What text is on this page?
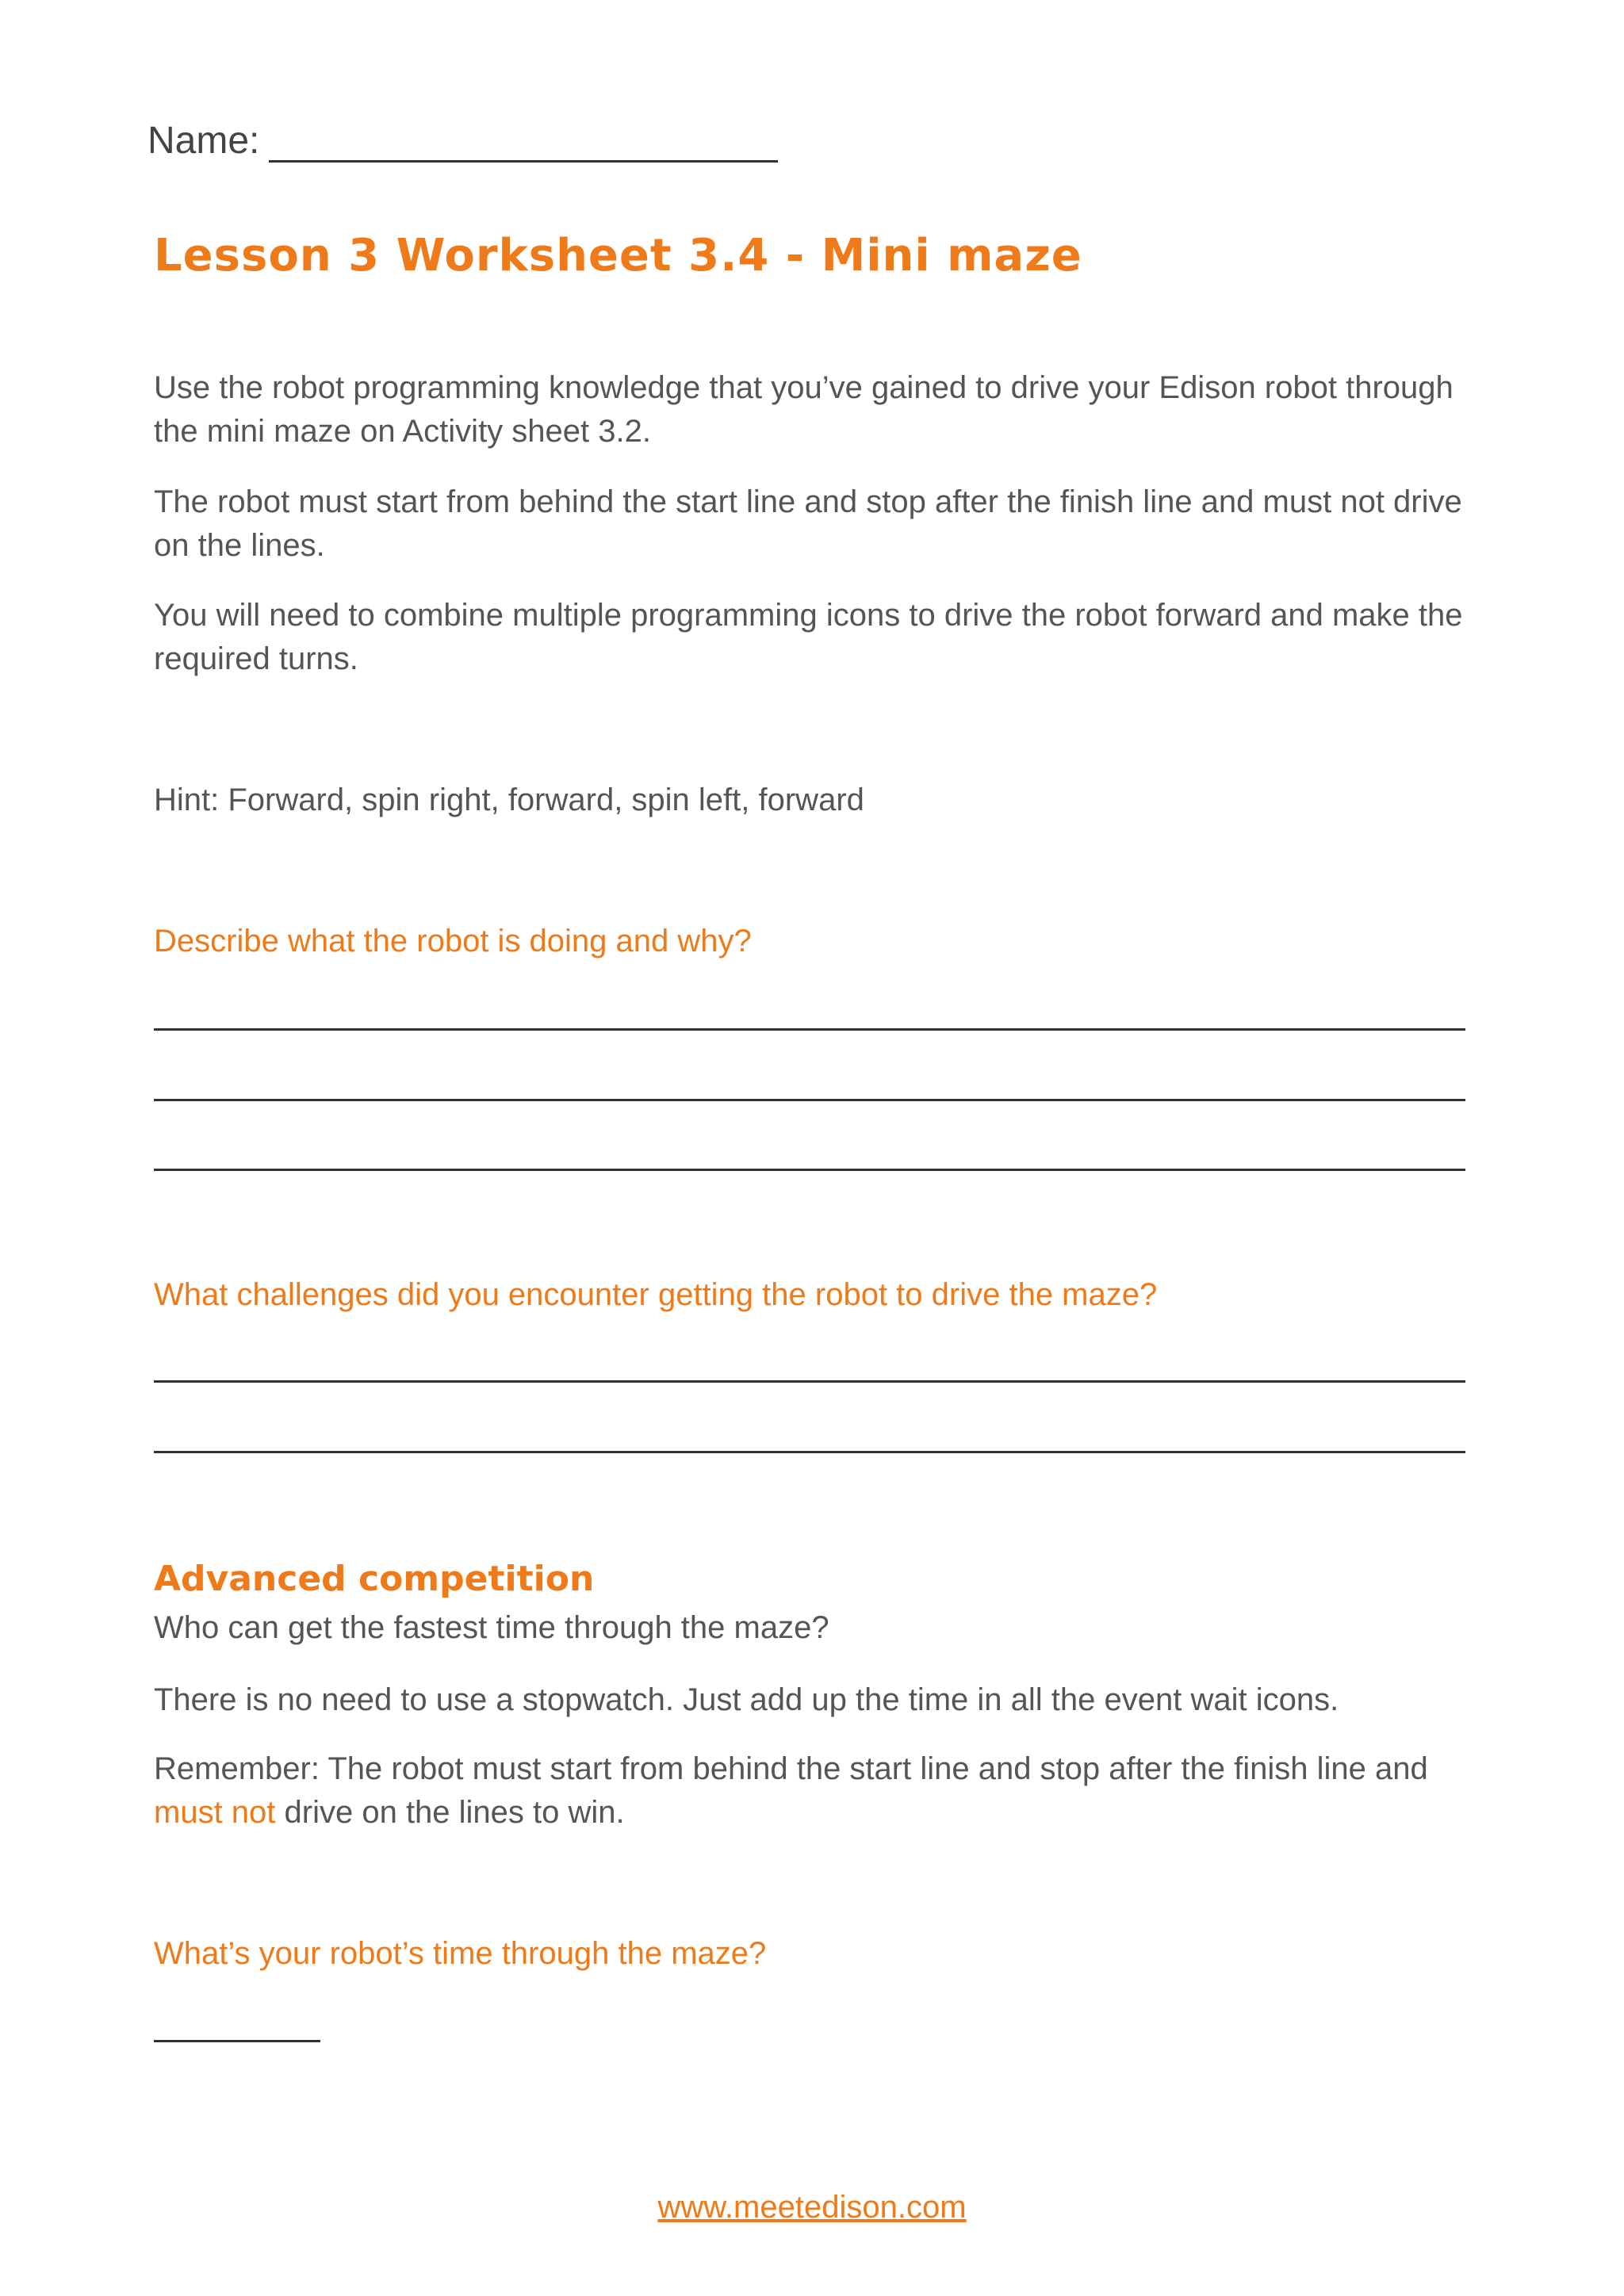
Name:
Lesson 3 Worksheet 3.4 - Mini maze

Use the robot programming knowledge that you’ve gained to drive your Edison robot through the mini maze on Activity sheet 3.2.

The robot must start from behind the start line and stop after the finish line and must not drive on the lines.

You will need to combine multiple programming icons to drive the robot forward and make the required turns.

Hint: Forward, spin right, forward, spin left, forward

Describe what the robot is doing and why?

What challenges did you encounter getting the robot to drive the maze?

Advanced competition

Who can get the fastest time through the maze?

There is no need to use a stopwatch. Just add up the time in all the event wait icons.

Remember: The robot must start from behind the start line and stop after the finish line and must not drive on the lines to win.

What’s your robot’s time through the maze?

www.meetedison.com
